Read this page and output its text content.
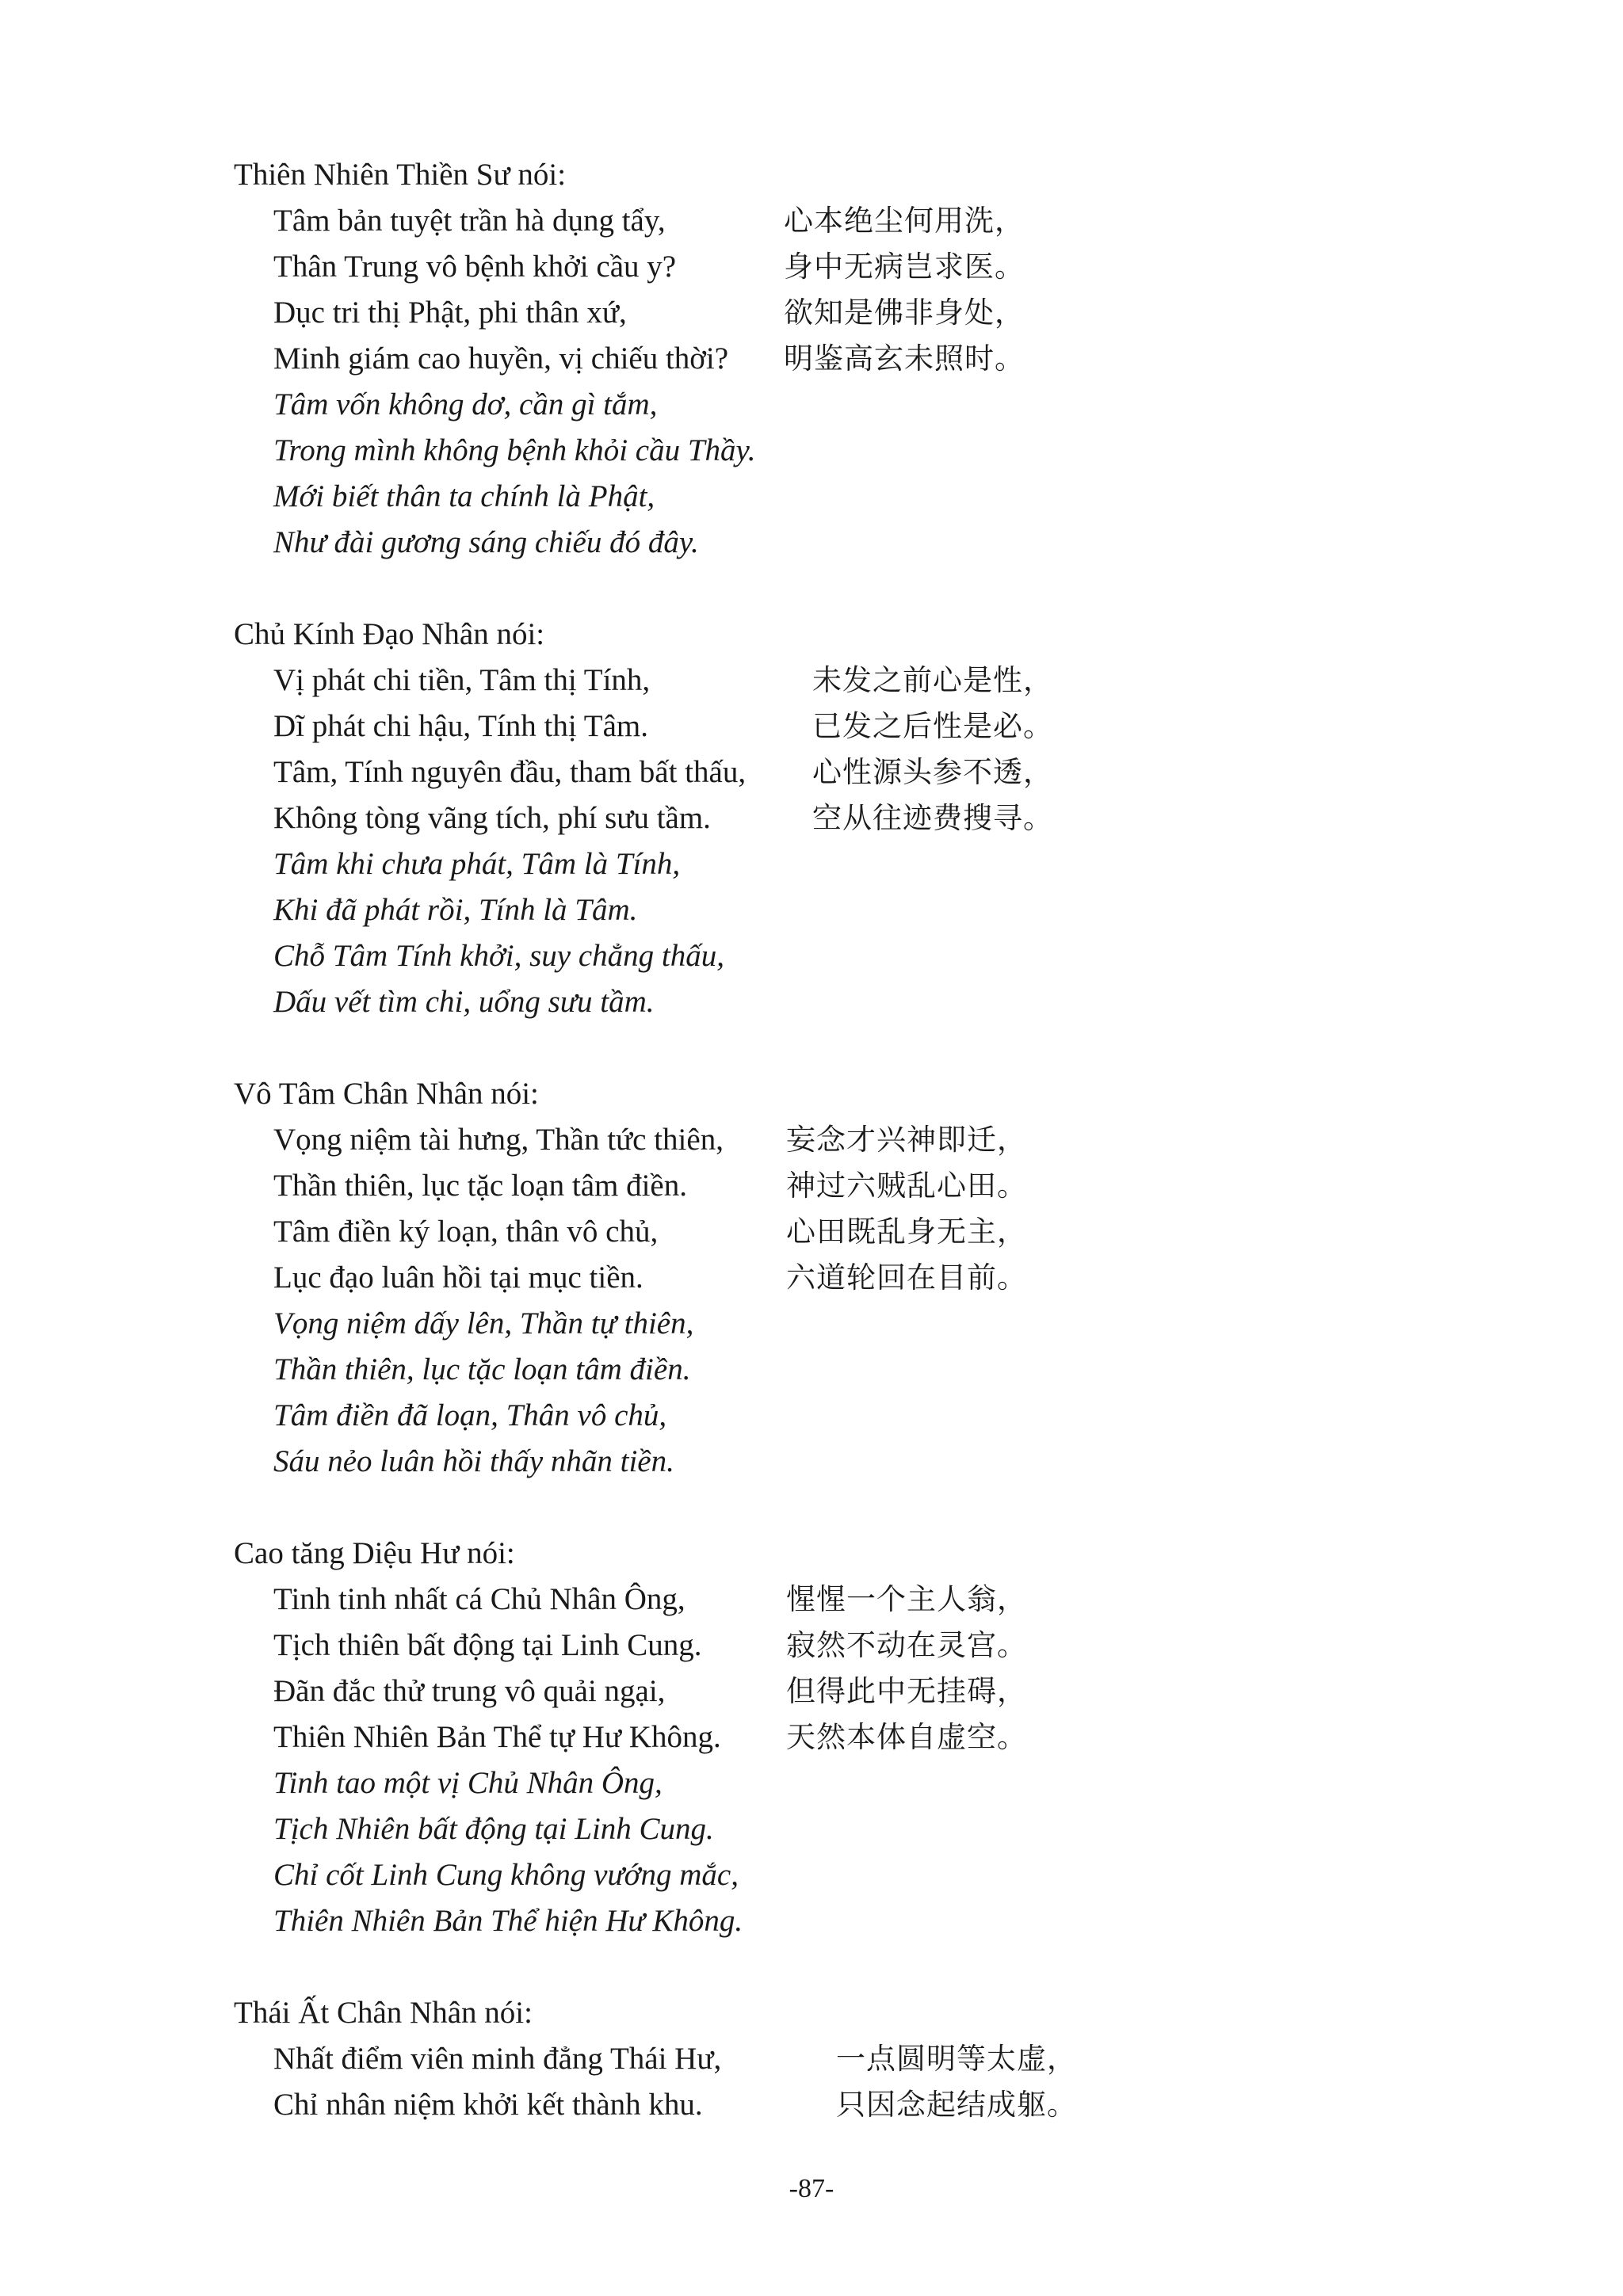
Thiên Nhiên Thiền Sư nói:
Tâm bản tuyệt trần hà dụng tẩy,	心本绝尘何用洗，
Thân Trung vô bệnh khởi cầu y?	身中无病岂求医。
Dục tri thị Phật, phi thân xứ,	欲知是佛非身处，
Minh giám cao huyền, vị chiếu thời? 明鉴高玄未照时。
Tâm vốn không dơ, cần gì tắm,
Trong mình không bệnh khỏi cầu Thầy.
Mới biết thân ta chính là Phật,
Như đài gương sáng chiếu đó đây.
Chủ Kính Đạo Nhân nói:
Vị phát chi tiền, Tâm thị Tính,	未发之前心是性，
Dĩ phát chi hậu, Tính thị Tâm.	已发之后性是必。
Tâm, Tính nguyên đầu, tham bất thấu, 心性源头参不透，
Không tòng vãng tích, phí sưu tầm.	空从往迹费搜寻。
Tâm khi chưa phát, Tâm là Tính,
Khi đã phát rồi, Tính là Tâm.
Chỗ Tâm Tính khởi, suy chẳng thấu,
Dấu vết tìm chi, uổng sưu tầm.
Vô Tâm Chân Nhân nói:
Vọng niệm tài hưng, Thần tức thiên, 妄念才兴神即迁，
Thần thiên, lục tặc loạn tâm điền.	神过六贼乱心田。
Tâm điền ký loạn, thân vô chủ,	心田既乱身无主，
Lục đạo luân hồi tại mục tiền.	六道轮回在目前。
Vọng niệm dấy lên, Thần tự thiên,
Thần thiên, lục tặc loạn tâm điền.
Tâm điền đã loạn, Thân vô chủ,
Sáu nẻo luân hồi thấy nhãn tiền.
Cao tăng Diệu Hư nói:
Tinh tinh nhất cá Chủ Nhân Ông,	惺惺一个主人翁，
Tịch thiên bất động tại Linh Cung.	寂然不动在灵宫。
Đãn đắc thử trung vô quải ngại,	但得此中无挂碍，
Thiên Nhiên Bản Thể tự Hư Không. 天然本体自虚空。
Tinh tao một vị Chủ Nhân Ông,
Tịch Nhiên bất động tại Linh Cung.
Chỉ cốt Linh Cung không vướng mắc,
Thiên Nhiên Bản Thể hiện Hư Không.
Thái Ất Chân Nhân nói:
Nhất điểm viên minh đẳng Thái Hư,	一点圆明等太虚，
Chỉ nhân niệm khởi kết thành khu.	只因念起结成躯。
-87-
